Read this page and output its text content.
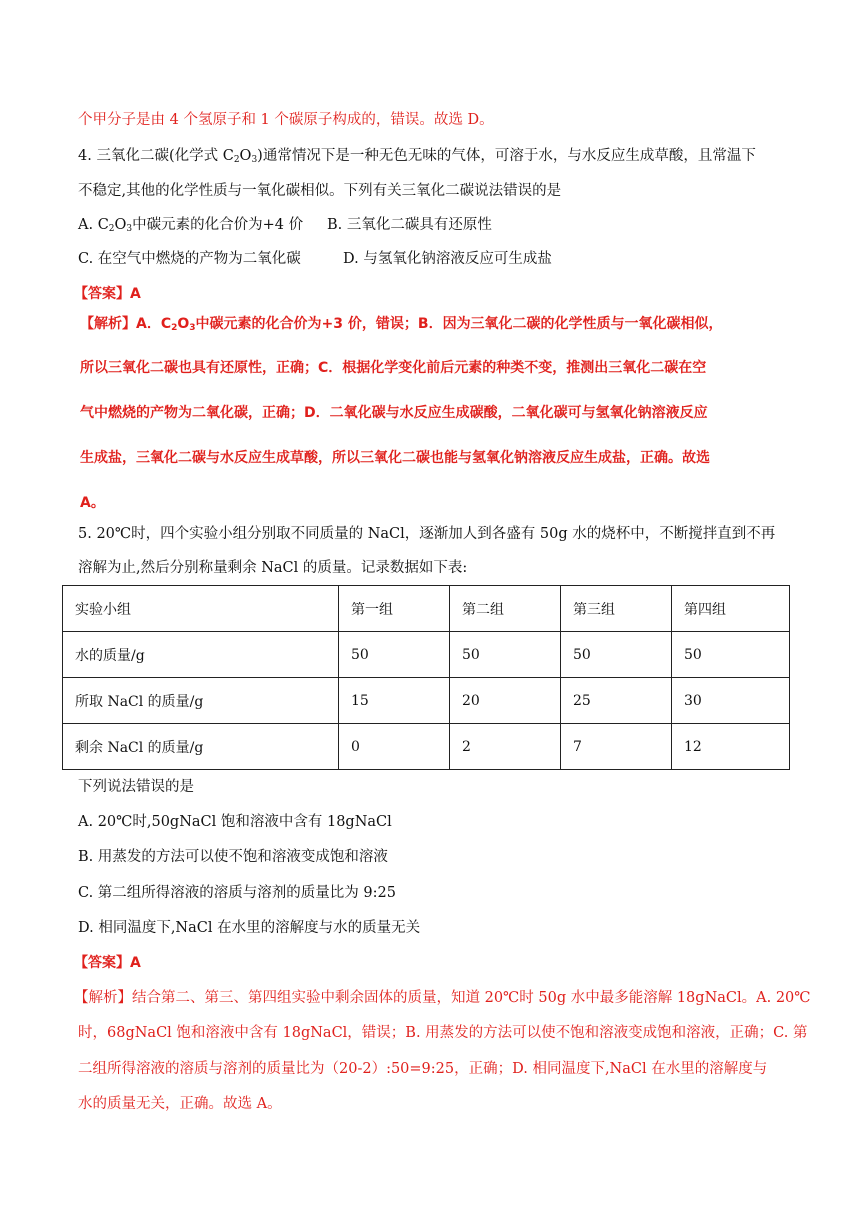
个甲分子是由 4 个氢原子和 1 个碳原子构成的，错误。故选 D。
4. 三氧化二碳(化学式 $C_2O_3$)通常情况下是一种无色无味的气体，可溶于水，与水反应生成草酸，且常温下
不稳定,其他的化学性质与一氧化碳相似。下列有关三氧化二碳说法错误的是
A. $C_2O_3$中碳元素的化合价为+4 价 B. 三氧化二碳具有还原性
C. 在空气中燃烧的产物为二氧化碳	D. 与氢氧化钠溶液反应可生成盐
【答案】A
【解析】A．$C_2O_3$中碳元素的化合价为+3 价，错误；B．因为三氧化二碳的化学性质与一氧化碳相似，
所以三氧化二碳也具有还原性，正确；C．根据化学变化前后元素的种类不变，推测出三氧化二碳在空
气中燃烧的产物为二氧化碳，正确；D．二氧化碳与水反应生成碳酸，二氧化碳可与氢氧化钠溶液反应
生成盐，三氧化二碳与水反应生成草酸，所以三氧化二碳也能与氢氧化钠溶液反应生成盐，正确。故选
A。
5. 20℃时，四个实验小组分别取不同质量的 NaCl，逐渐加人到各盛有 50g 水的烧杯中，不断搅拌直到不再
溶解为止,然后分别称量剩余 NaCl 的质量。记录数据如下表:
实验小组	第一组	第二组	第三组	第四组
水的质量/g	50	50	50	50
所取 NaCl 的质量/g	15	20	25	30
剩余 NaCl 的质量/g	0	2	7	12
下列说法错误的是
A. 20℃时,50gNaCl 饱和溶液中含有 18gNaCl
B. 用蒸发的方法可以使不饱和溶液变成饱和溶液
C. 第二组所得溶液的溶质与溶剂的质量比为 9:25
D. 相同温度下,NaCl 在水里的溶解度与水的质量无关
【答案】A
【解析】结合第二、第三、第四组实验中剩余固体的质量，知道 20℃时 50g 水中最多能溶解 18gNaCl。A. 20℃
时，68gNaCl 饱和溶液中含有 18gNaCl，错误；B. 用蒸发的方法可以使不饱和溶液变成饱和溶液，正确；C. 第
二组所得溶液的溶质与溶剂的质量比为（20-2）:50=9:25，正确；D. 相同温度下,NaCl 在水里的溶解度与
水的质量无关，正确。故选 A。
